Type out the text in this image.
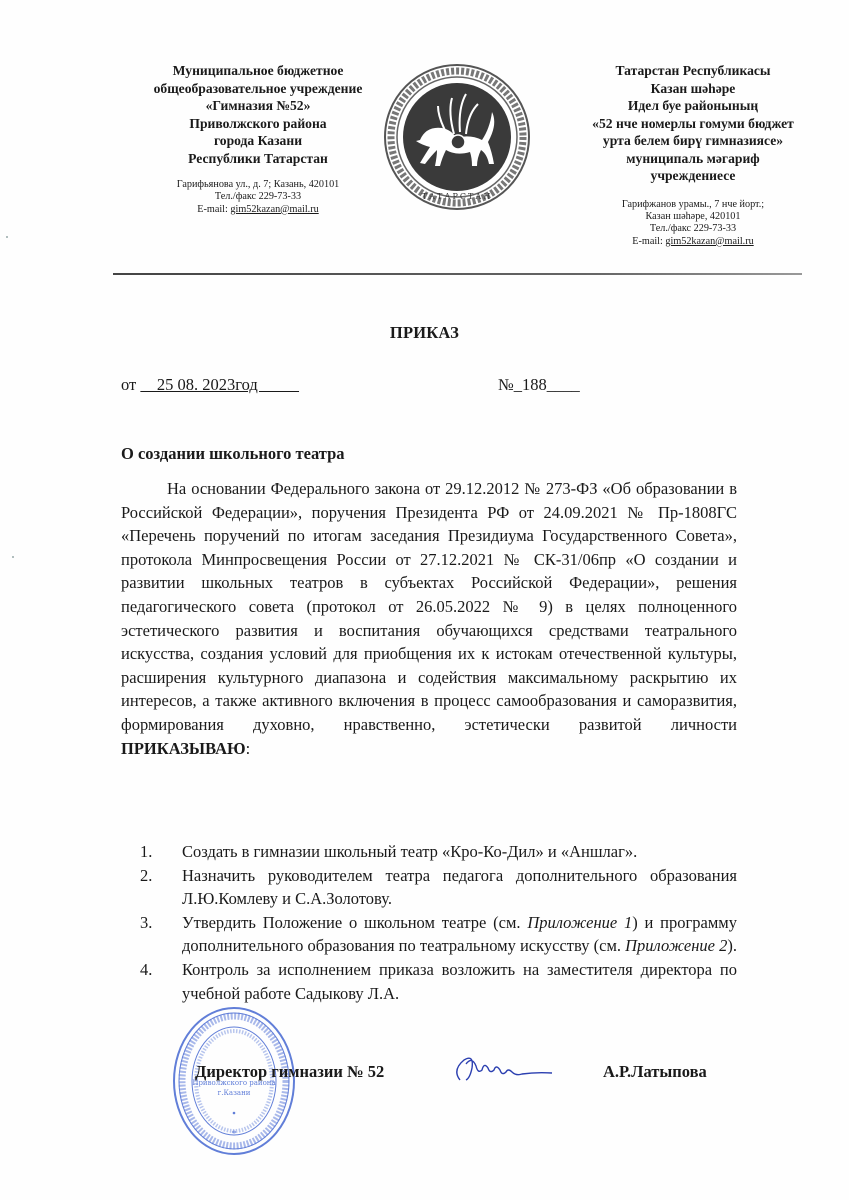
Муниципальное бюджетное
общеобразовательное учреждение
«Гимназия №52»
Приволжского района
города Казани
Республики Татарстан
Гарифьянова ул., д. 7; Казань, 420101
Тел./факс 229-73-33
E-mail: gim52kazan@mail.ru
ТАТАРСТАН
Татарстан Республикасы
Казан шәһәре
Идел буе районының
«52 нче номерлы гомуми бюджет
урта белем бирү гимназиясе»
муниципаль мәгариф
учреждениесе
Гарифжанов урамы., 7 нче йорт.;
Казан шәһәре, 420101
Тел./факс 229-73-33
E-mail: gim52kazan@mail.ru
ПРИКАЗ
от     25 08. 2023год	№_188____
О создании школьного театра
На основании Федерального закона от 29.12.2012 № 273-ФЗ «Об образовании в Российской Федерации», поручения Президента РФ от 24.09.2021 № Пр-1808ГС «Перечень поручений по итогам заседания Президиума Государственного Совета», протокола Минпросвещения России от 27.12.2021 № СК-31/06пр «О создании и развитии школьных театров в субъектах Российской Федерации», решения педагогического совета (протокол от 26.05.2022 № 9) в целях полноценного эстетического развития и воспитания обучающихся средствами театрального искусства, создания условий для приобщения их к истокам отечественной культуры, расширения культурного диапазона и содействия максимальному раскрытию их интересов, а также активного включения в процесс самообразования и саморазвития, формирования духовно, нравственно, эстетически развитой личности ПРИКАЗЫВАЮ:
1. Создать в гимназии школьный театр «Кро-Ко-Дил» и «Аншлаг».
2. Назначить руководителем театра педагога дополнительного образования Л.Ю.Комлеву и С.А.Золотову.
3. Утвердить Положение о школьном театре (см. Приложение 1) и программу дополнительного образования по театральному искусству (см. Приложение 2).
4. Контроль за исполнением приказа возложить на заместителя директора по учебной работе Садыкову Л.А.
Приволжского района
г.Казани
*
Директор гимназии № 52	А.Р.Латыпова
